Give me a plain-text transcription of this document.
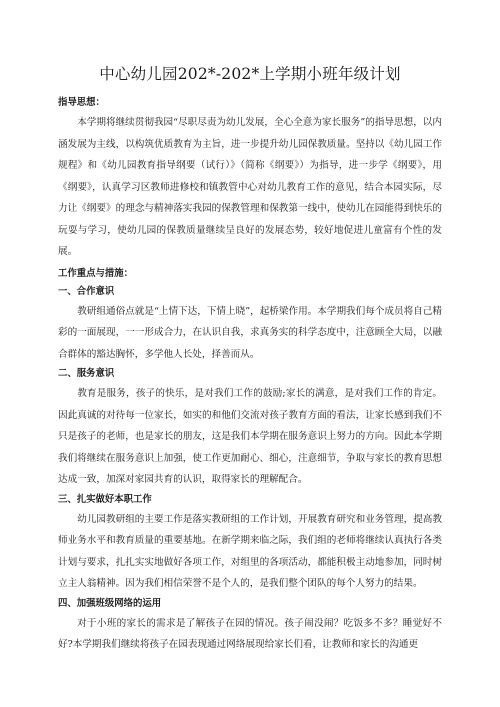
中心幼儿园202*-202*上学期小班年级计划

指导思想：

本学期将继续贯彻我园“尽职尽责为幼儿发展，全心全意为家长服务”的指导思想，以内涵发展为主线，以构筑优质教育为主旨，进一步提升幼儿园保教质量。坚持以《幼儿园工作规程》和《幼儿园教育指导纲要（试行）》（简称《纲要》）为指导，进一步学《纲要》，用《纲要》，认真学习区教师进修校和镇教管中心对幼儿教育工作的意见，结合本园实际，尽力让《纲要》的理念与精神落实我园的保教管理和保教第一线中，使幼儿在园能得到快乐的玩耍与学习，使幼儿园的保教质量继续呈良好的发展态势，较好地促进儿童富有个性的发展。

工作重点与措施：

一、合作意识

教研组通俗点就是“上情下达，下情上晓”，起桥梁作用。本学期我们每个成员将自己精彩的一面展现，一一形成合力，在认识自我，求真务实的科学态度中，注意顾全大局，以融合群体的豁达胸怀，多学他人长处，择善而从。

二、服务意识

教育是服务，孩子的快乐，是对我们工作的鼓励;家长的满意，是对我们工作的肯定。因此真诚的对待每一位家长，如实的和他们交流对孩子教育方面的看法，让家长感到我们不只是孩子的老师，也是家长的朋友，这是我们本学期在服务意识上努力的方向。因此本学期我们将继续在服务意识上加强，使工作更加耐心、细心，注意细节，争取与家长的教育思想达成一致，加深对家园共育的认识，取得家长的理解配合。

三、扎实做好本职工作

幼儿园教研组的主要工作是落实教研组的工作计划，开展教育研究和业务管理，提高教师业务水平和教育质量的重要基地。在新学期来临之际，我们组的老师将继续认真执行各类计划与要求，扎扎实实地做好各项工作，对组里的各项活动，都能积极主动地参加，同时树立主人翁精神。因为我们相信荣誉不是个人的，是我们整个团队的每个人努力的结果。

四、加强班级网络的运用

对于小班的家长的需求是了解孩子在园的情况。孩子闹没闹？吃饭多不多？睡觉好不好?本学期我们继续将孩子在园表现通过网络展现给家长们看，让教师和家长的沟通更
